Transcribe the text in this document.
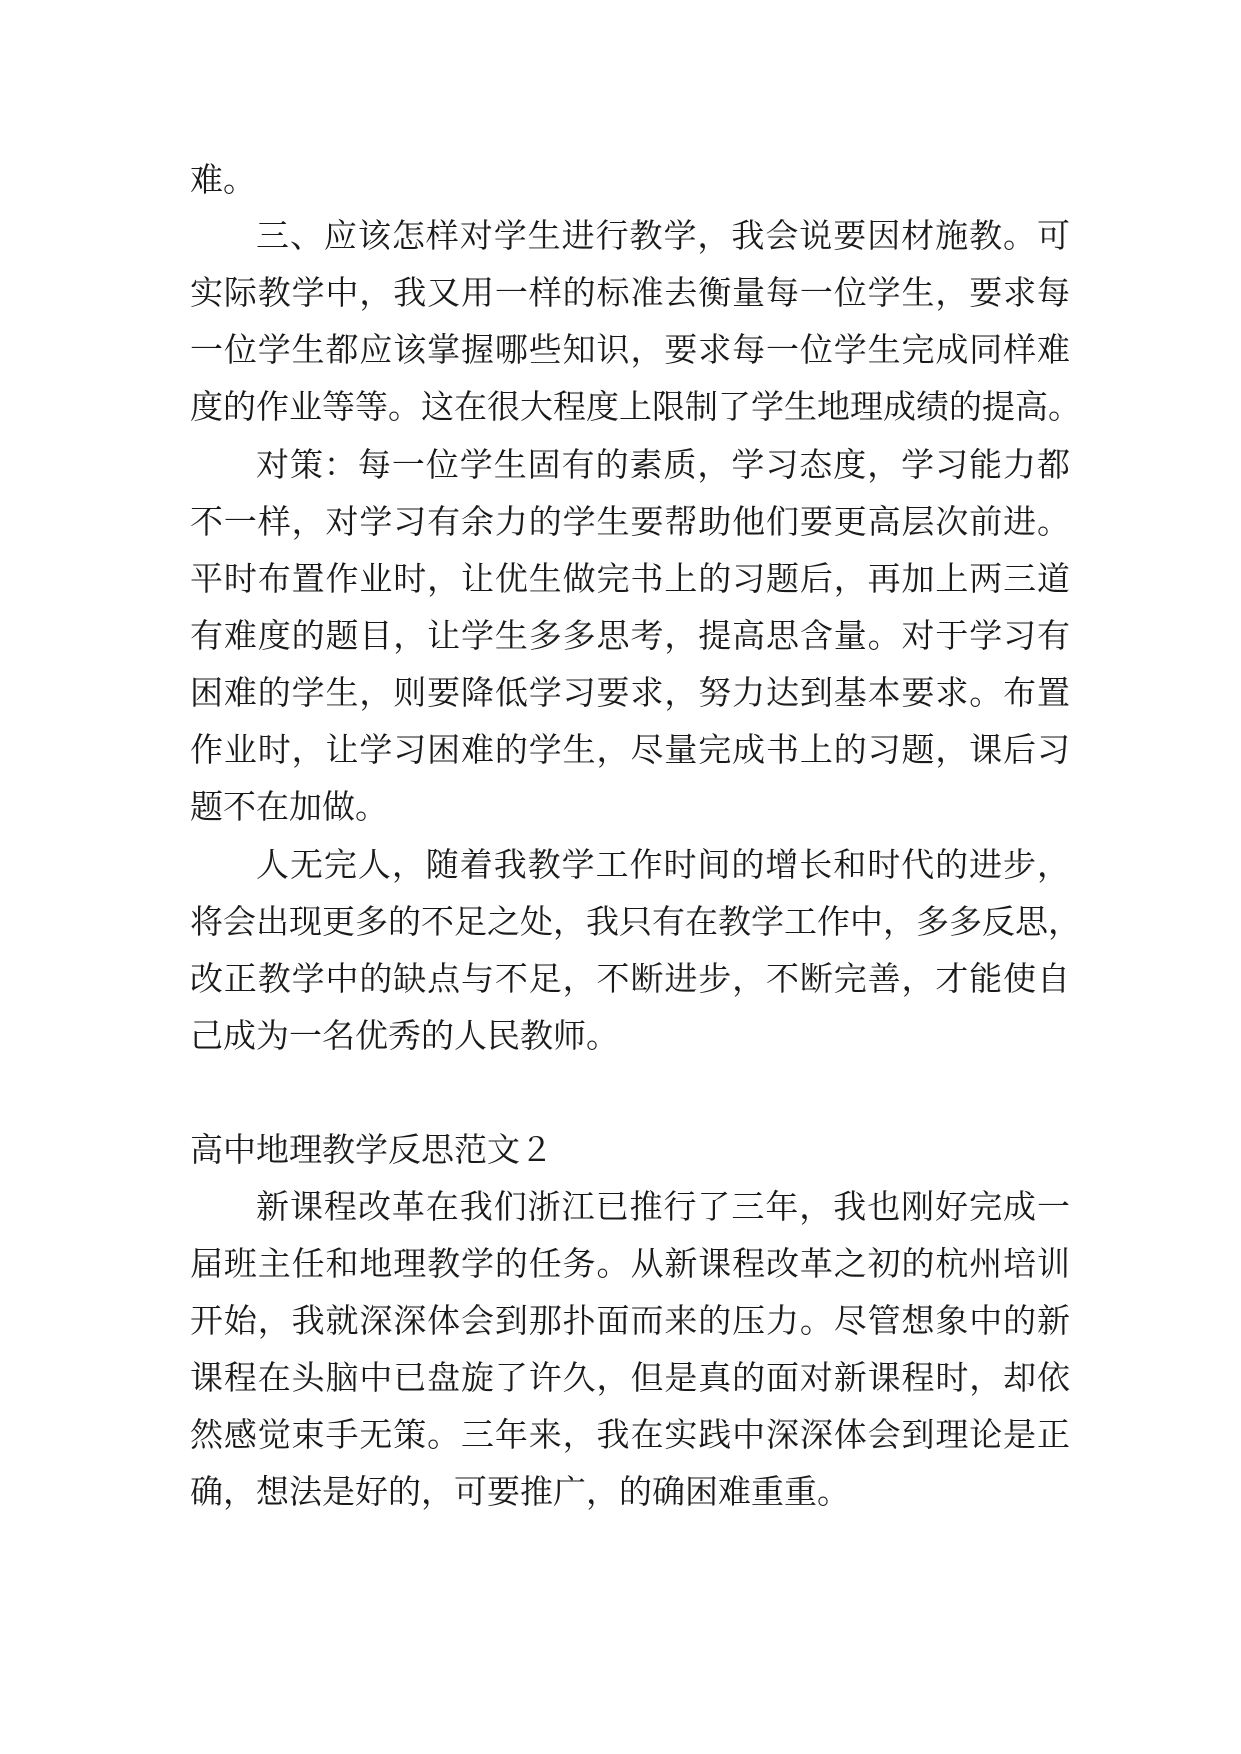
难。
三、应该怎样对学生进行教学，我会说要因材施教。可
实际教学中，我又用一样的标准去衡量每一位学生，要求每
一位学生都应该掌握哪些知识，要求每一位学生完成同样难
度的作业等等。这在很大程度上限制了学生地理成绩的提高。
对策：每一位学生固有的素质，学习态度，学习能力都
不一样，对学习有余力的学生要帮助他们要更高层次前进。
平时布置作业时，让优生做完书上的习题后，再加上两三道
有难度的题目，让学生多多思考，提高思含量。对于学习有
困难的学生，则要降低学习要求，努力达到基本要求。布置
作业时，让学习困难的学生，尽量完成书上的习题，课后习
题不在加做。
人无完人，随着我教学工作时间的增长和时代的进步，
将会出现更多的不足之处，我只有在教学工作中，多多反思，
改正教学中的缺点与不足，不断进步，不断完善，才能使自
己成为一名优秀的人民教师。
高中地理教学反思范文２
新课程改革在我们浙江已推行了三年，我也刚好完成一
届班主任和地理教学的任务。从新课程改革之初的杭州培训
开始，我就深深体会到那扑面而来的压力。尽管想象中的新
课程在头脑中已盘旋了许久，但是真的面对新课程时，却依
然感觉束手无策。三年来，我在实践中深深体会到理论是正
确，想法是好的，可要推广，的确困难重重。
